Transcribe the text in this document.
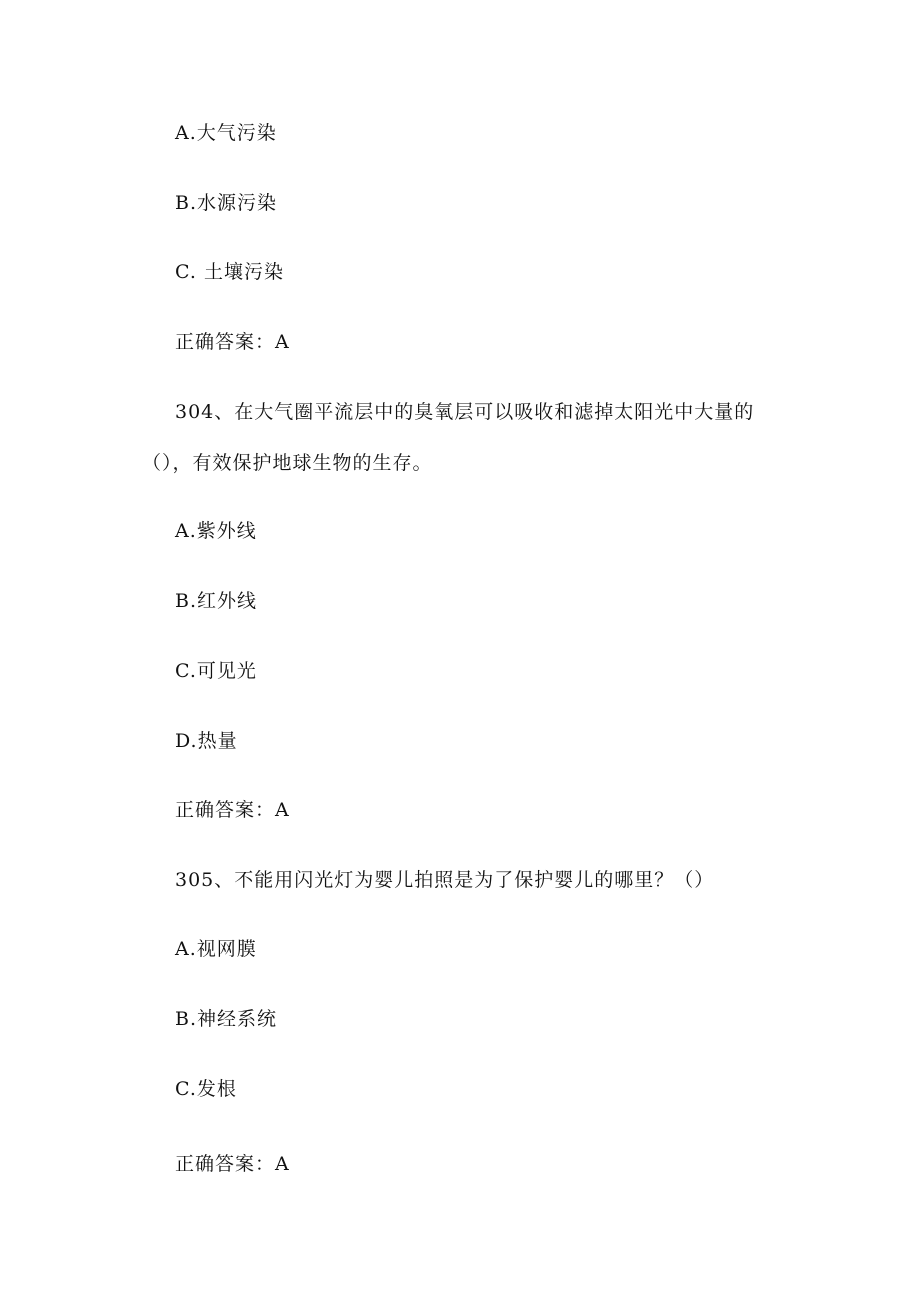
A.大气污染
B.水源污染
C. 土壤污染
正确答案：A
304、在大气圈平流层中的臭氧层可以吸收和滤掉太阳光中大量的
（），有效保护地球生物的生存。
A.紫外线
B.红外线
C.可见光
D.热量
正确答案：A
305、不能用闪光灯为婴儿拍照是为了保护婴儿的哪里？（）
A.视网膜
B.神经系统
C.发根
正确答案：A
